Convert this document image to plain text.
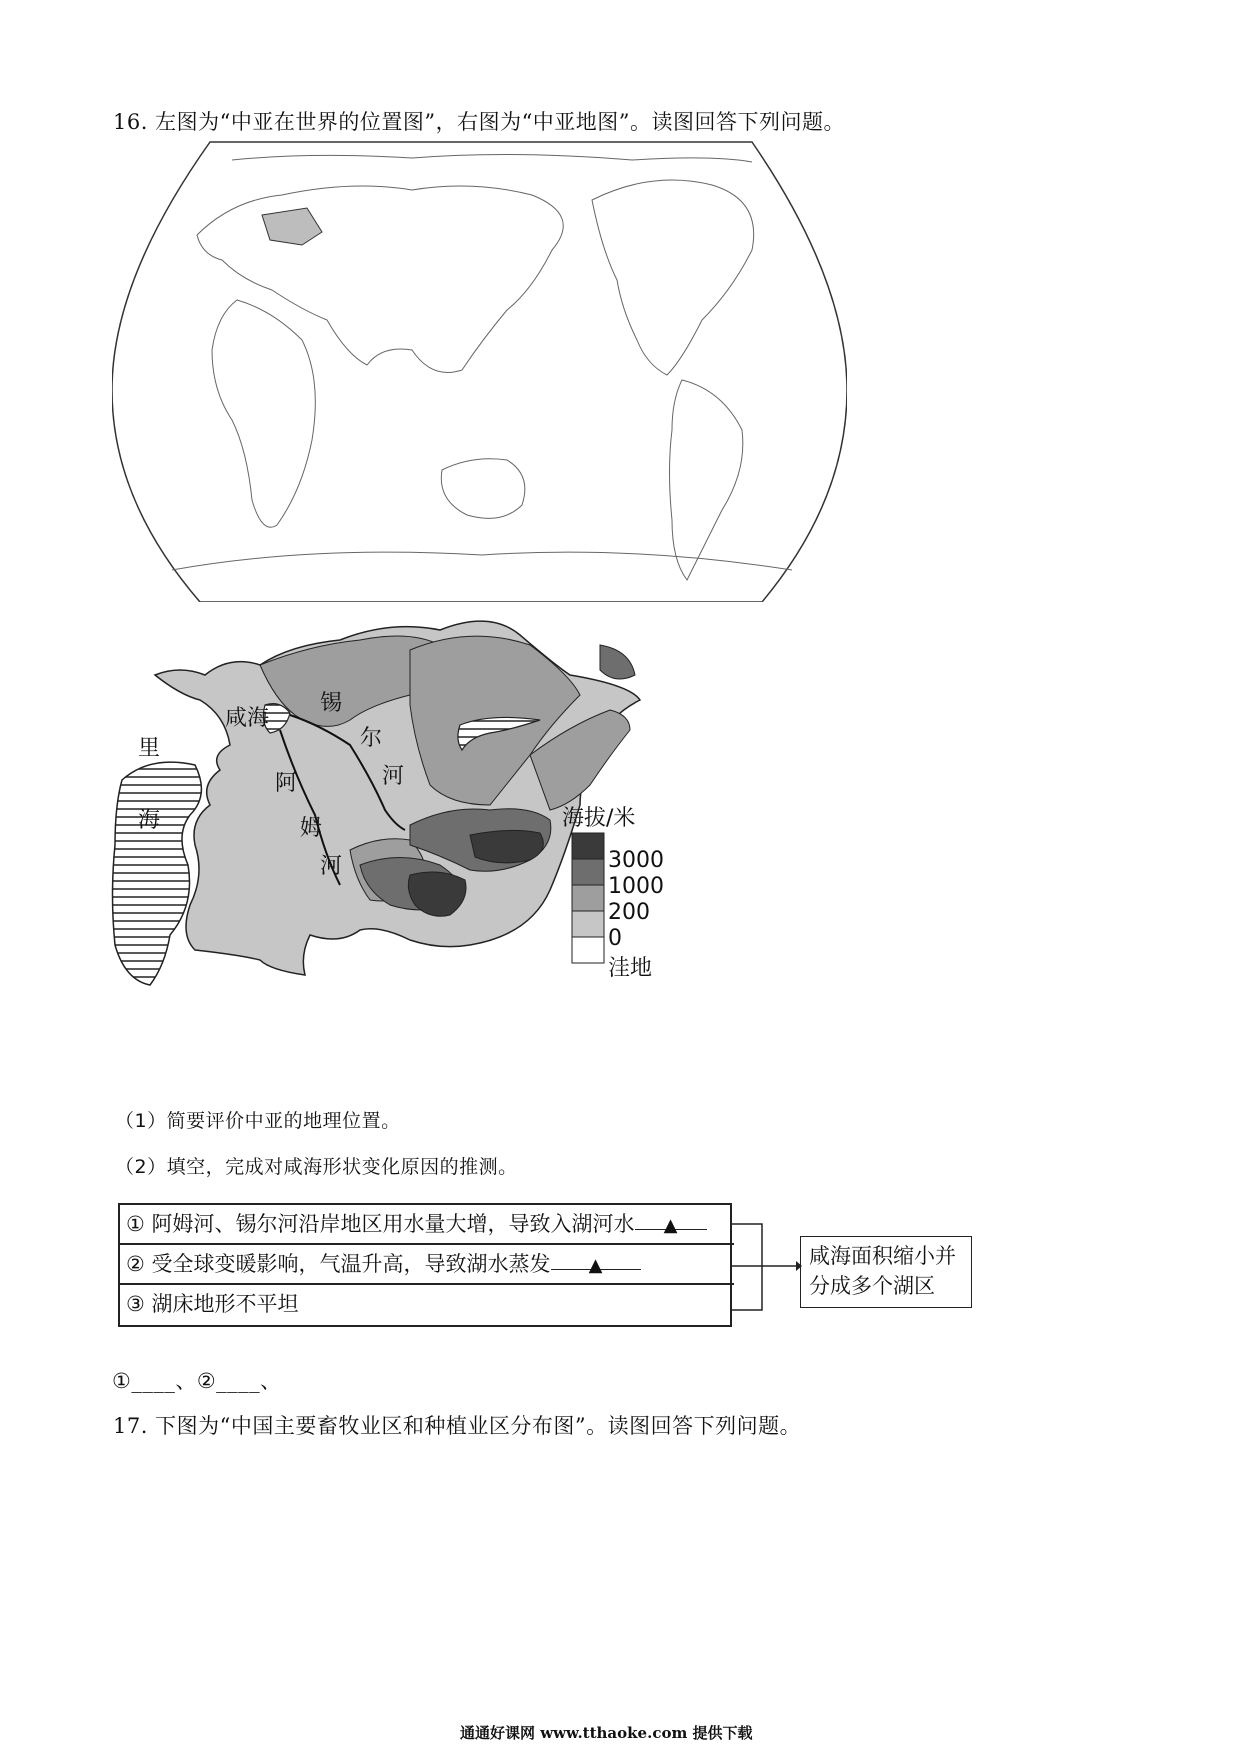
16. 左图为“中亚在世界的位置图”，右图为“中亚地图”。读图回答下列问题。
咸海
里
海
阿
姆
河
锡
尔
河
海拔/米
3000
1000
200
0
洼地
（1）简要评价中亚的地理位置。
（2）填空，完成对咸海形状变化原因的推测。
① 阿姆河、锡尔河沿岸地区用水量大增，导致入湖河水 ▲
② 受全球变暖影响，气温升高，导致湖水蒸发 ▲
③ 湖床地形不平坦
咸海面积缩小并
分成多个湖区
①____、②____、
17. 下图为“中国主要畜牧业区和种植业区分布图”。读图回答下列问题。
通通好课网 www.tthaoke.com 提供下载
